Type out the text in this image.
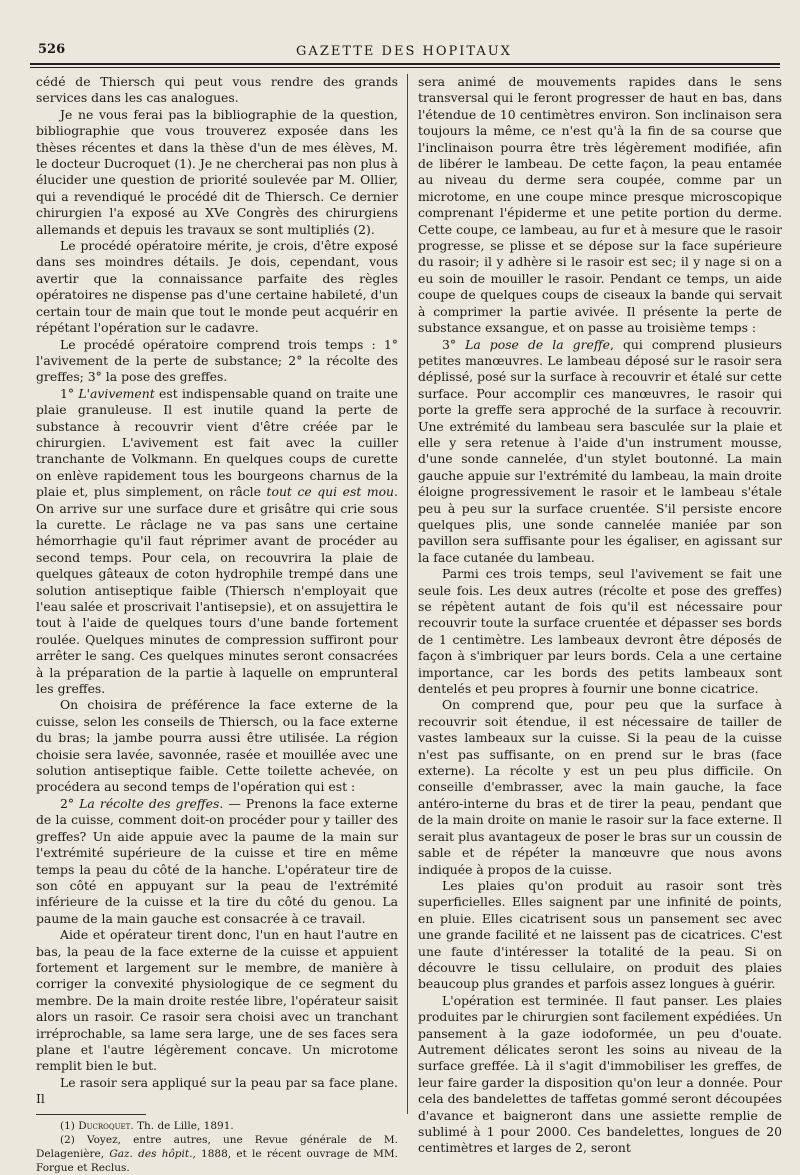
526	GAZETTE DES HOPITAUX

cédé de Thiersch qui peut vous rendre des grands services dans les cas analogues.

Je ne vous ferai pas la bibliographie de la question, bibliographie que vous trouverez exposée dans les thèses récentes et dans la thèse d'un de mes élèves, M. le docteur Ducroquet (1). Je ne chercherai pas non plus à élucider une question de priorité soulevée par M. Ollier, qui a revendiqué le procédé dit de Thiersch. Ce dernier chirurgien l'a exposé au XVe Congrès des chirurgiens allemands et depuis les travaux se sont multipliés (2).

Le procédé opératoire mérite, je crois, d'être exposé dans ses moindres détails. Je dois, cependant, vous avertir que la connaissance parfaite des règles opératoires ne dispense pas d'une certaine habileté, d'un certain tour de main que tout le monde peut acquérir en répétant l'opération sur le cadavre.

Le procédé opératoire comprend trois temps : 1° l'avivement de la perte de substance; 2° la récolte des greffes; 3° la pose des greffes.

1° L'avivement est indispensable quand on traite une plaie granuleuse. Il est inutile quand la perte de substance à recouvrir vient d'être créée par le chirurgien. L'avivement est fait avec la cuiller tranchante de Volkmann. En quelques coups de curette on enlève rapidement tous les bourgeons charnus de la plaie et, plus simplement, on râcle tout ce qui est mou. On arrive sur une surface dure et grisâtre qui crie sous la curette. Le râclage ne va pas sans une certaine hémorrhagie qu'il faut réprimer avant de procéder au second temps. Pour cela, on recouvrira la plaie de quelques gâteaux de coton hydrophile trempé dans une solution antiseptique faible (Thiersch n'employait que l'eau salée et proscrivait l'antisepsie), et on assujettira le tout à l'aide de quelques tours d'une bande fortement roulée. Quelques minutes de compression suffiront pour arrêter le sang. Ces quelques minutes seront consacrées à la préparation de la partie à laquelle on emprunteral les greffes.

On choisira de préférence la face externe de la cuisse, selon les conseils de Thiersch, ou la face externe du bras; la jambe pourra aussi être utilisée. La région choisie sera lavée, savonnée, rasée et mouillée avec une solution antiseptique faible. Cette toilette achevée, on procédera au second temps de l'opération qui est :

2° La récolte des greffes. — Prenons la face externe de la cuisse, comment doit-on procéder pour y tailler des greffes? Un aide appuie avec la paume de la main sur l'extrémité supérieure de la cuisse et tire en même temps la peau du côté de la hanche. L'opérateur tire de son côté en appuyant sur la peau de l'extrémité inférieure de la cuisse et la tire du côté du genou. La paume de la main gauche est consacrée à ce travail.

Aide et opérateur tirent donc, l'un en haut l'autre en bas, la peau de la face externe de la cuisse et appuient fortement et largement sur le membre, de manière à corriger la convexité physiologique de ce segment du membre. De la main droite restée libre, l'opérateur saisit alors un rasoir. Ce rasoir sera choisi avec un tranchant irréprochable, sa lame sera large, une de ses faces sera plane et l'autre légèrement concave. Un microtome remplit bien le but.

Le rasoir sera appliqué sur la peau par sa face plane. Il

(1) Ducroquet. Th. de Lille, 1891.

(2) Voyez, entre autres, une Revue générale de M. Delagenière, Gaz. des hôpit., 1888, et le récent ouvrage de MM. Forgue et Reclus.

sera animé de mouvements rapides dans le sens transversal qui le feront progresser de haut en bas, dans l'étendue de 10 centimètres environ. Son inclinaison sera toujours la même, ce n'est qu'à la fin de sa course que l'inclinaison pourra être très légèrement modifiée, afin de libérer le lambeau. De cette façon, la peau entamée au niveau du derme sera coupée, comme par un microtome, en une coupe mince presque microscopique comprenant l'épiderme et une petite portion du derme. Cette coupe, ce lambeau, au fur et à mesure que le rasoir progresse, se plisse et se dépose sur la face supérieure du rasoir; il y adhère si le rasoir est sec; il y nage si on a eu soin de mouiller le rasoir. Pendant ce temps, un aide coupe de quelques coups de ciseaux la bande qui servait à comprimer la partie avivée. Il présente la perte de substance exsangue, et on passe au troisième temps :

3° La pose de la greffe, qui comprend plusieurs petites manœuvres. Le lambeau déposé sur le rasoir sera déplissé, posé sur la surface à recouvrir et étalé sur cette surface. Pour accomplir ces manœuvres, le rasoir qui porte la greffe sera approché de la surface à recouvrir. Une extrémité du lambeau sera basculée sur la plaie et elle y sera retenue à l'aide d'un instrument mousse, d'une sonde cannelée, d'un stylet boutonné. La main gauche appuie sur l'extrémité du lambeau, la main droite éloigne progressivement le rasoir et le lambeau s'étale peu à peu sur la surface cruentée. S'il persiste encore quelques plis, une sonde cannelée maniée par son pavillon sera suffisante pour les égaliser, en agissant sur la face cutanée du lambeau.

Parmi ces trois temps, seul l'avivement se fait une seule fois. Les deux autres (récolte et pose des greffes) se répètent autant de fois qu'il est nécessaire pour recouvrir toute la surface cruentée et dépasser ses bords de 1 centimètre. Les lambeaux devront être déposés de façon à s'imbriquer par leurs bords. Cela a une certaine importance, car les bords des petits lambeaux sont dentelés et peu propres à fournir une bonne cicatrice.

On comprend que, pour peu que la surface à recouvrir soit étendue, il est nécessaire de tailler de vastes lambeaux sur la cuisse. Si la peau de la cuisse n'est pas suffisante, on en prend sur le bras (face externe). La récolte y est un peu plus difficile. On conseille d'embrasser, avec la main gauche, la face antéro-interne du bras et de tirer la peau, pendant que de la main droite on manie le rasoir sur la face externe. Il serait plus avantageux de poser le bras sur un coussin de sable et de répéter la manœuvre que nous avons indiquée à propos de la cuisse.

Les plaies qu'on produit au rasoir sont très superficielles. Elles saignent par une infinité de points, en pluie. Elles cicatrisent sous un pansement sec avec une grande facilité et ne laissent pas de cicatrices. C'est une faute d'intéresser la totalité de la peau. Si on découvre le tissu cellulaire, on produit des plaies beaucoup plus grandes et parfois assez longues à guérir.

L'opération est terminée. Il faut panser. Les plaies produites par le chirurgien sont facilement expédiées. Un pansement à la gaze iodoformée, un peu d'ouate. Autrement délicates seront les soins au niveau de la surface greffée. Là il s'agit d'immobiliser les greffes, de leur faire garder la disposition qu'on leur a donnée. Pour cela des bandelettes de taffetas gommé seront découpées d'avance et baigneront dans une assiette remplie de sublimé à 1 pour 2000. Ces bandelettes, longues de 20 centimètres et larges de 2, seront
